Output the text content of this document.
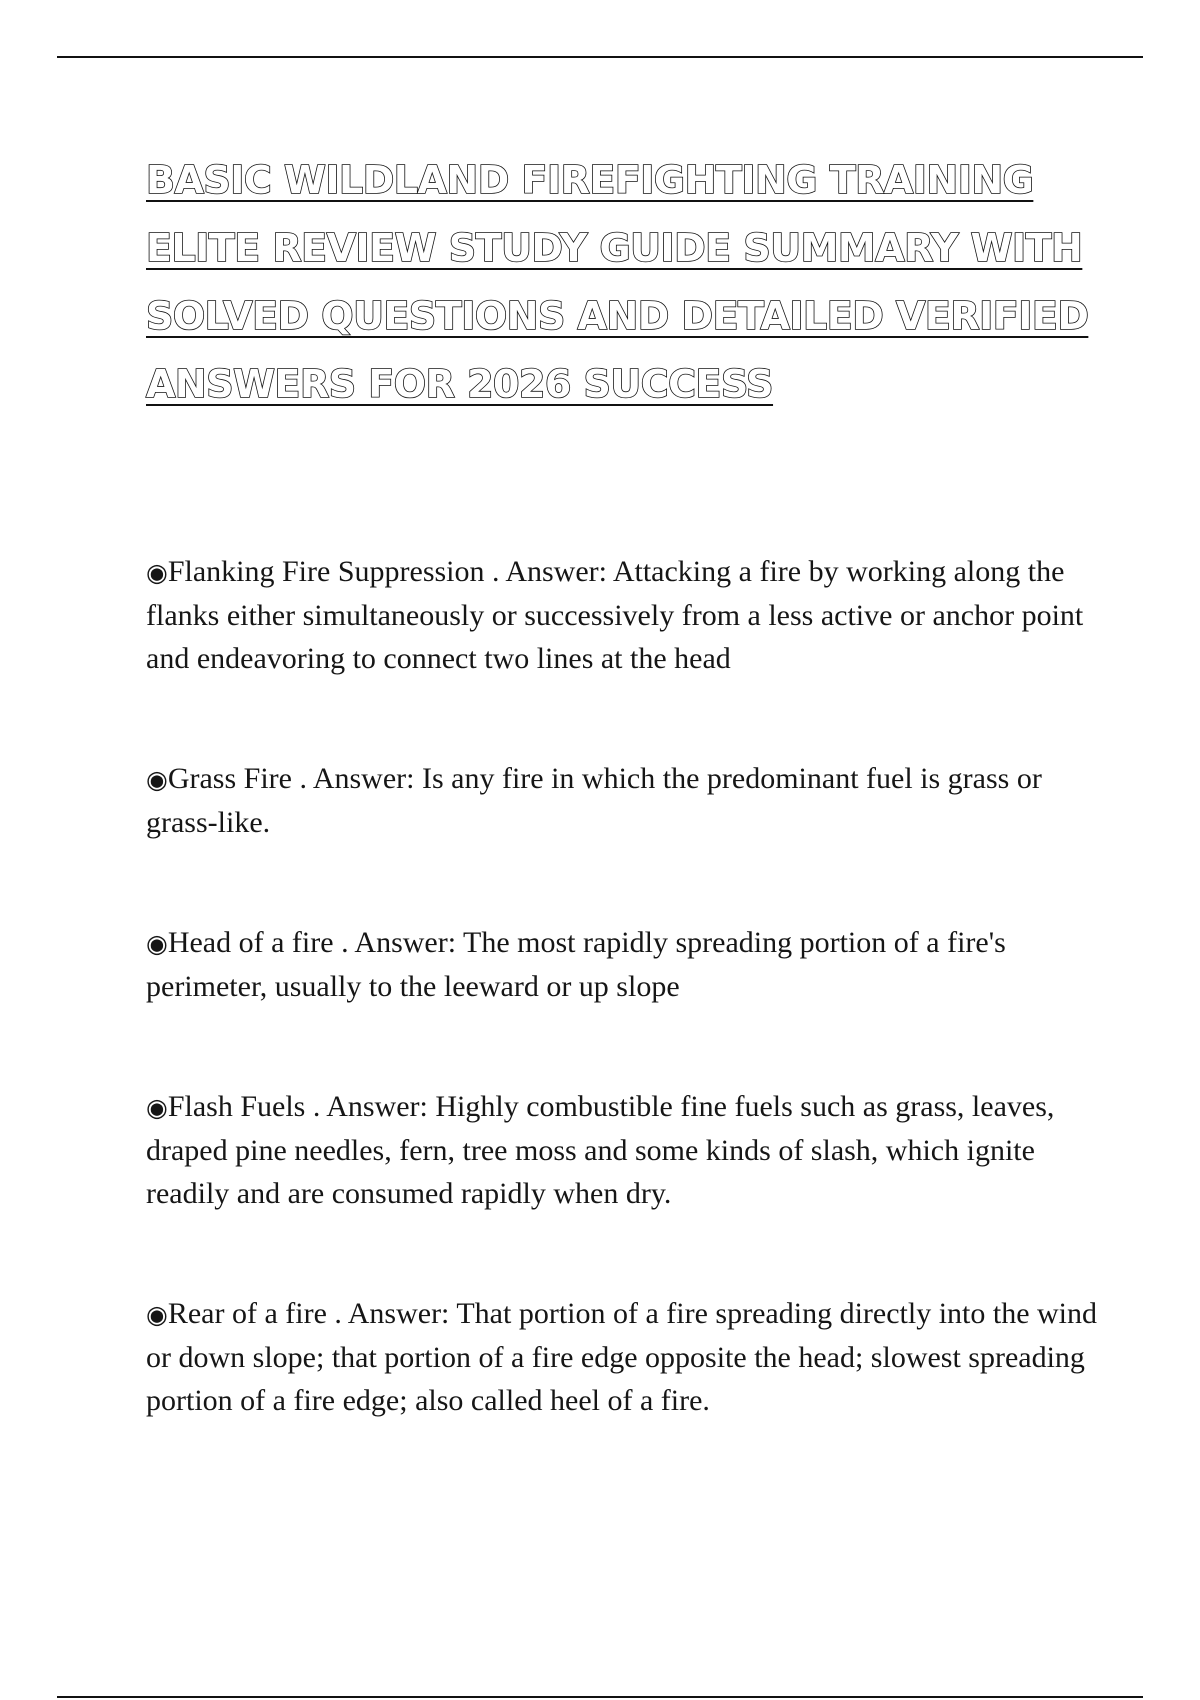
BASIC WILDLAND FIREFIGHTING TRAINING ELITE REVIEW STUDY GUIDE SUMMARY WITH SOLVED QUESTIONS AND DETAILED VERIFIED ANSWERS FOR 2026 SUCCESS

◉Flanking Fire Suppression . Answer: Attacking a fire by working along the flanks either simultaneously or successively from a less active or anchor point and endeavoring to connect two lines at the head

◉Grass Fire . Answer: Is any fire in which the predominant fuel is grass or grass-like.

◉Head of a fire . Answer: The most rapidly spreading portion of a fire's perimeter, usually to the leeward or up slope

◉Flash Fuels . Answer: Highly combustible fine fuels such as grass, leaves, draped pine needles, fern, tree moss and some kinds of slash, which ignite readily and are consumed rapidly when dry.

◉Rear of a fire . Answer: That portion of a fire spreading directly into the wind or down slope; that portion of a fire edge opposite the head; slowest spreading portion of a fire edge; also called heel of a fire.
